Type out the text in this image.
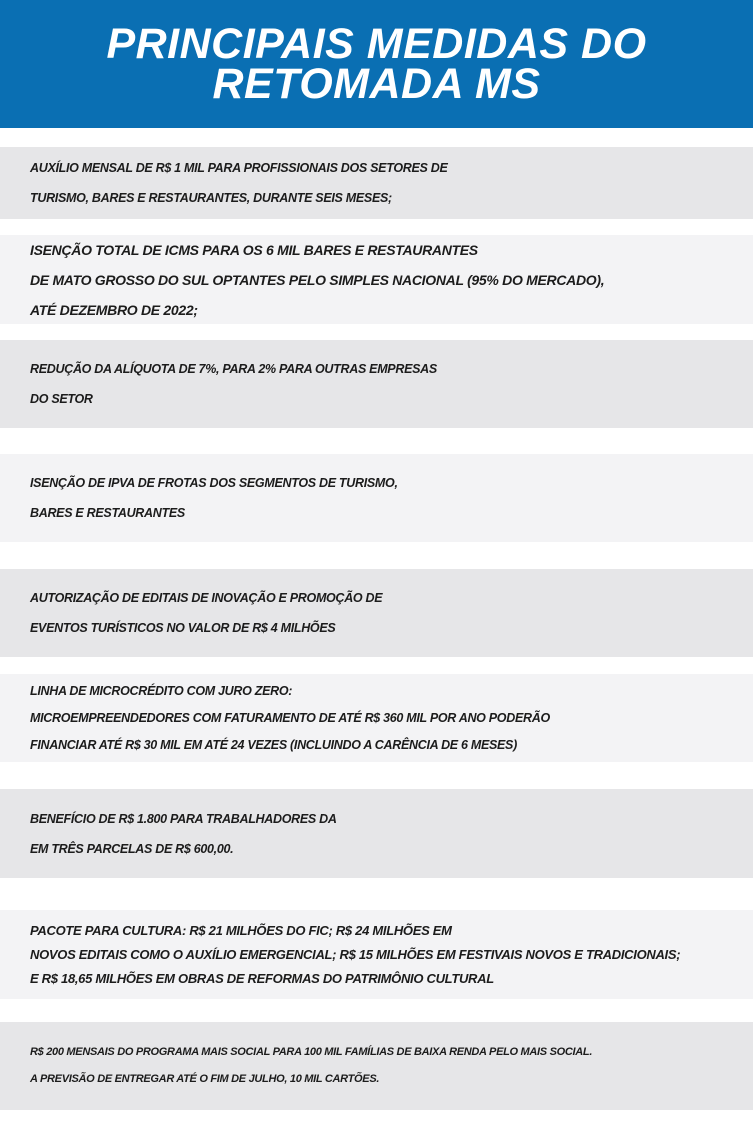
PRINCIPAIS MEDIDAS DO
RETOMADA MS
AUXÍLIO MENSAL DE R$ 1 MIL PARA PROFISSIONAIS DOS SETORES DE
TURISMO, BARES E RESTAURANTES, DURANTE SEIS MESES;
ISENÇÃO TOTAL DE ICMS PARA OS 6 MIL BARES E RESTAURANTES
DE MATO GROSSO DO SUL OPTANTES PELO SIMPLES NACIONAL (95% DO MERCADO),
ATÉ DEZEMBRO DE 2022;
REDUÇÃO DA ALÍQUOTA DE 7%, PARA 2% PARA OUTRAS EMPRESAS
DO SETOR
ISENÇÃO DE IPVA DE FROTAS DOS SEGMENTOS DE TURISMO,
BARES E RESTAURANTES
AUTORIZAÇÃO DE EDITAIS DE INOVAÇÃO E PROMOÇÃO DE
EVENTOS TURÍSTICOS NO VALOR DE R$ 4 MILHÕES
LINHA DE MICROCRÉDITO COM JURO ZERO:
MICROEMPREENDEDORES COM FATURAMENTO DE ATÉ R$ 360 MIL POR ANO PODERÃO
FINANCIAR ATÉ R$ 30 MIL EM ATÉ 24 VEZES (INCLUINDO A CARÊNCIA DE 6 MESES)
BENEFÍCIO DE R$ 1.800 PARA TRABALHADORES DA
EM TRÊS PARCELAS DE R$ 600,00.
PACOTE PARA CULTURA: R$ 21 MILHÕES DO FIC; R$ 24 MILHÕES EM
NOVOS EDITAIS COMO O AUXÍLIO EMERGENCIAL; R$ 15 MILHÕES EM FESTIVAIS NOVOS E TRADICIONAIS;
E R$ 18,65 MILHÕES EM OBRAS DE REFORMAS DO PATRIMÔNIO CULTURAL
R$ 200 MENSAIS DO PROGRAMA MAIS SOCIAL PARA 100 MIL FAMÍLIAS DE BAIXA RENDA PELO MAIS SOCIAL.
A PREVISÃO DE ENTREGAR ATÉ O FIM DE JULHO, 10 MIL CARTÕES.
